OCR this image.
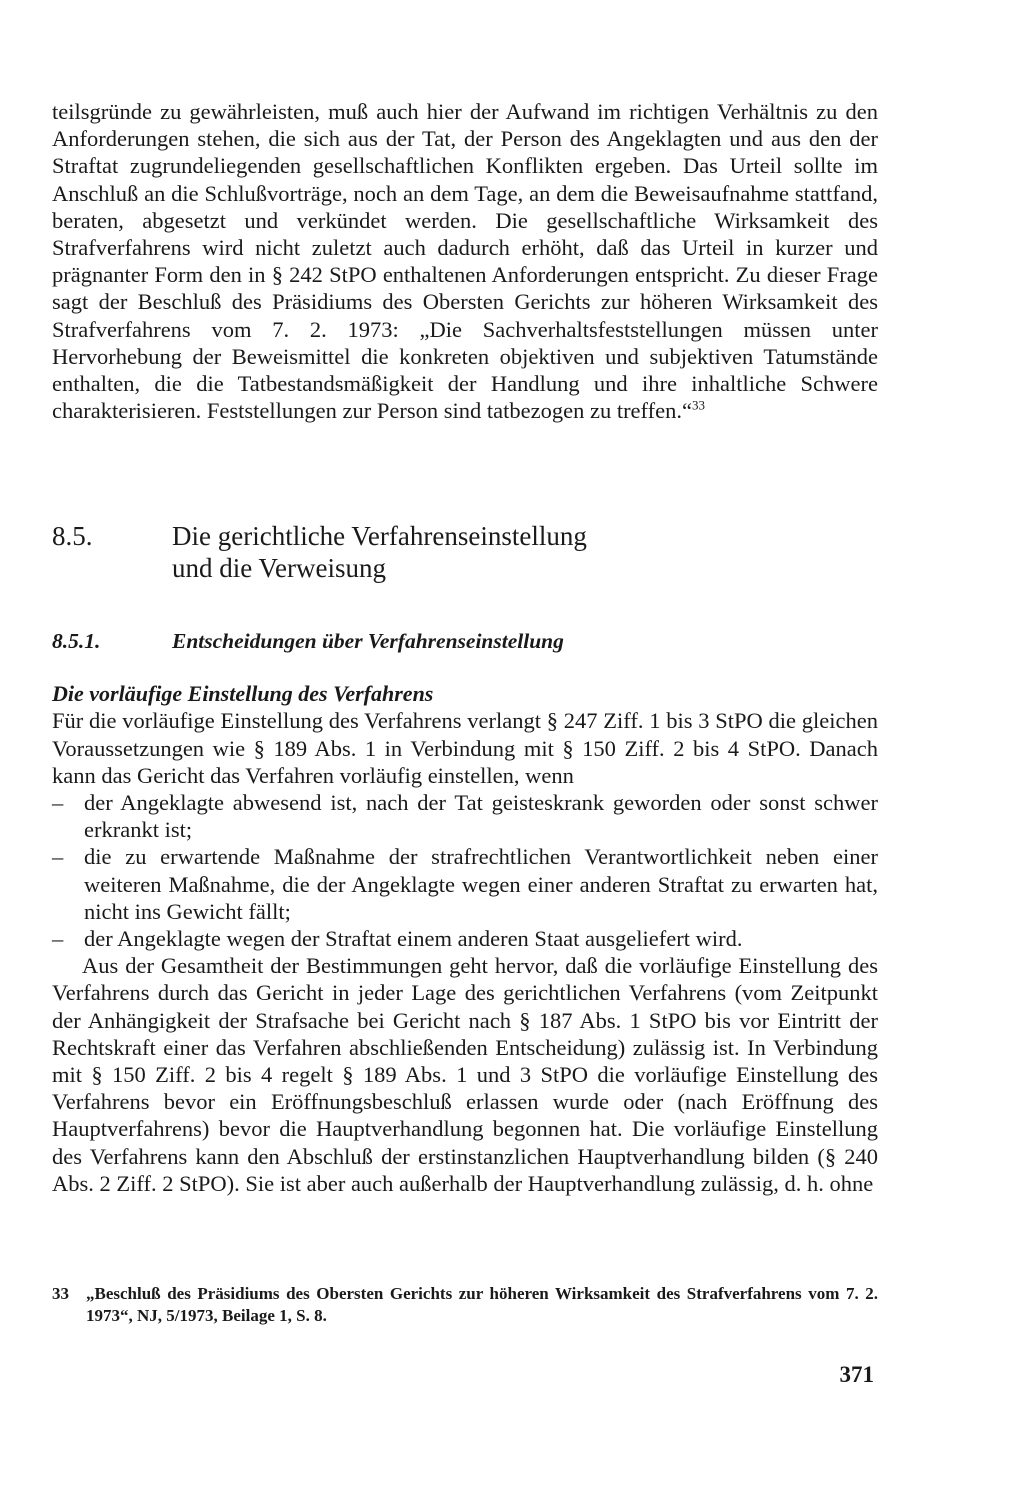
teilsgründe zu gewährleisten, muß auch hier der Aufwand im richtigen Verhältnis zu den Anforderungen stehen, die sich aus der Tat, der Person des Angeklagten und aus den der Straftat zugrundeliegenden gesellschaftlichen Konflikten ergeben. Das Urteil sollte im Anschluß an die Schlußvorträge, noch an dem Tage, an dem die Beweisaufnahme stattfand, beraten, abgesetzt und verkündet werden. Die gesellschaftliche Wirksamkeit des Strafverfahrens wird nicht zuletzt auch dadurch erhöht, daß das Urteil in kurzer und prägnanter Form den in § 242 StPO enthaltenen Anforderungen entspricht. Zu dieser Frage sagt der Beschluß des Präsidiums des Obersten Gerichts zur höheren Wirksamkeit des Strafverfahrens vom 7. 2. 1973: „Die Sachverhaltsfeststellungen müssen unter Hervorhebung der Beweismittel die konkreten objektiven und subjektiven Tatumstände enthalten, die die Tatbestandsmäßigkeit der Handlung und ihre inhaltliche Schwere charakterisieren. Feststellungen zur Person sind tatbezogen zu treffen.“$^{33}$

8.5.	Die gerichtliche Verfahrenseinstellung
und die Verweisung
8.5.1.	Entscheidungen über Verfahrenseinstellung
Die vorläufige Einstellung des Verfahrens

Für die vorläufige Einstellung des Verfahrens verlangt § 247 Ziff. 1 bis 3 StPO die gleichen Voraussetzungen wie § 189 Abs. 1 in Verbindung mit § 150 Ziff. 2 bis 4 StPO. Danach kann das Gericht das Verfahren vorläufig einstellen, wenn

– der Angeklagte abwesend ist, nach der Tat geisteskrank geworden oder sonst schwer erkrankt ist;
– die zu erwartende Maßnahme der strafrechtlichen Verantwortlichkeit neben einer weiteren Maßnahme, die der Angeklagte wegen einer anderen Straftat zu erwarten hat, nicht ins Gewicht fällt;
– der Angeklagte wegen der Straftat einem anderen Staat ausgeliefert wird.

Aus der Gesamtheit der Bestimmungen geht hervor, daß die vorläufige Einstellung des Verfahrens durch das Gericht in jeder Lage des gerichtlichen Verfahrens (vom Zeitpunkt der Anhängigkeit der Strafsache bei Gericht nach § 187 Abs. 1 StPO bis vor Eintritt der Rechtskraft einer das Verfahren abschließenden Entscheidung) zulässig ist. In Verbindung mit § 150 Ziff. 2 bis 4 regelt § 189 Abs. 1 und 3 StPO die vorläufige Einstellung des Verfahrens bevor ein Eröffnungsbeschluß erlassen wurde oder (nach Eröffnung des Hauptverfahrens) bevor die Hauptverhandlung begonnen hat. Die vorläufige Einstellung des Verfahrens kann den Abschluß der erstinstanzlichen Hauptverhandlung bilden (§ 240 Abs. 2 Ziff. 2 StPO). Sie ist aber auch außerhalb der Hauptverhandlung zulässig, d. h. ohne

33	„Beschluß des Präsidiums des Obersten Gerichts zur höheren Wirksamkeit des Strafverfahrens vom 7. 2. 1973“, NJ, 5/1973, Beilage 1, S. 8.
371
